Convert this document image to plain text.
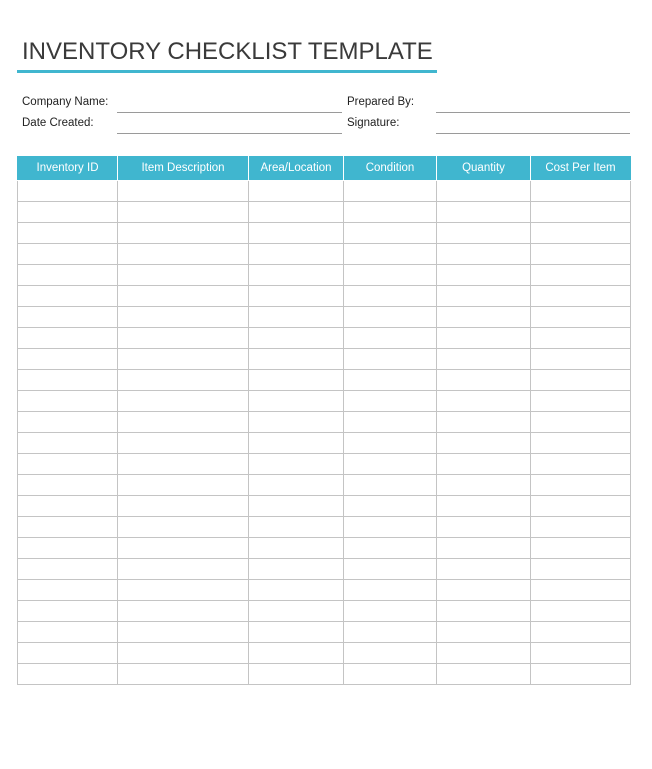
INVENTORY CHECKLIST TEMPLATE
Company Name:	Prepared By:
Date Created:	Signature:
Inventory ID	Item Description	Area/Location	Condition	Quantity	Cost Per Item
